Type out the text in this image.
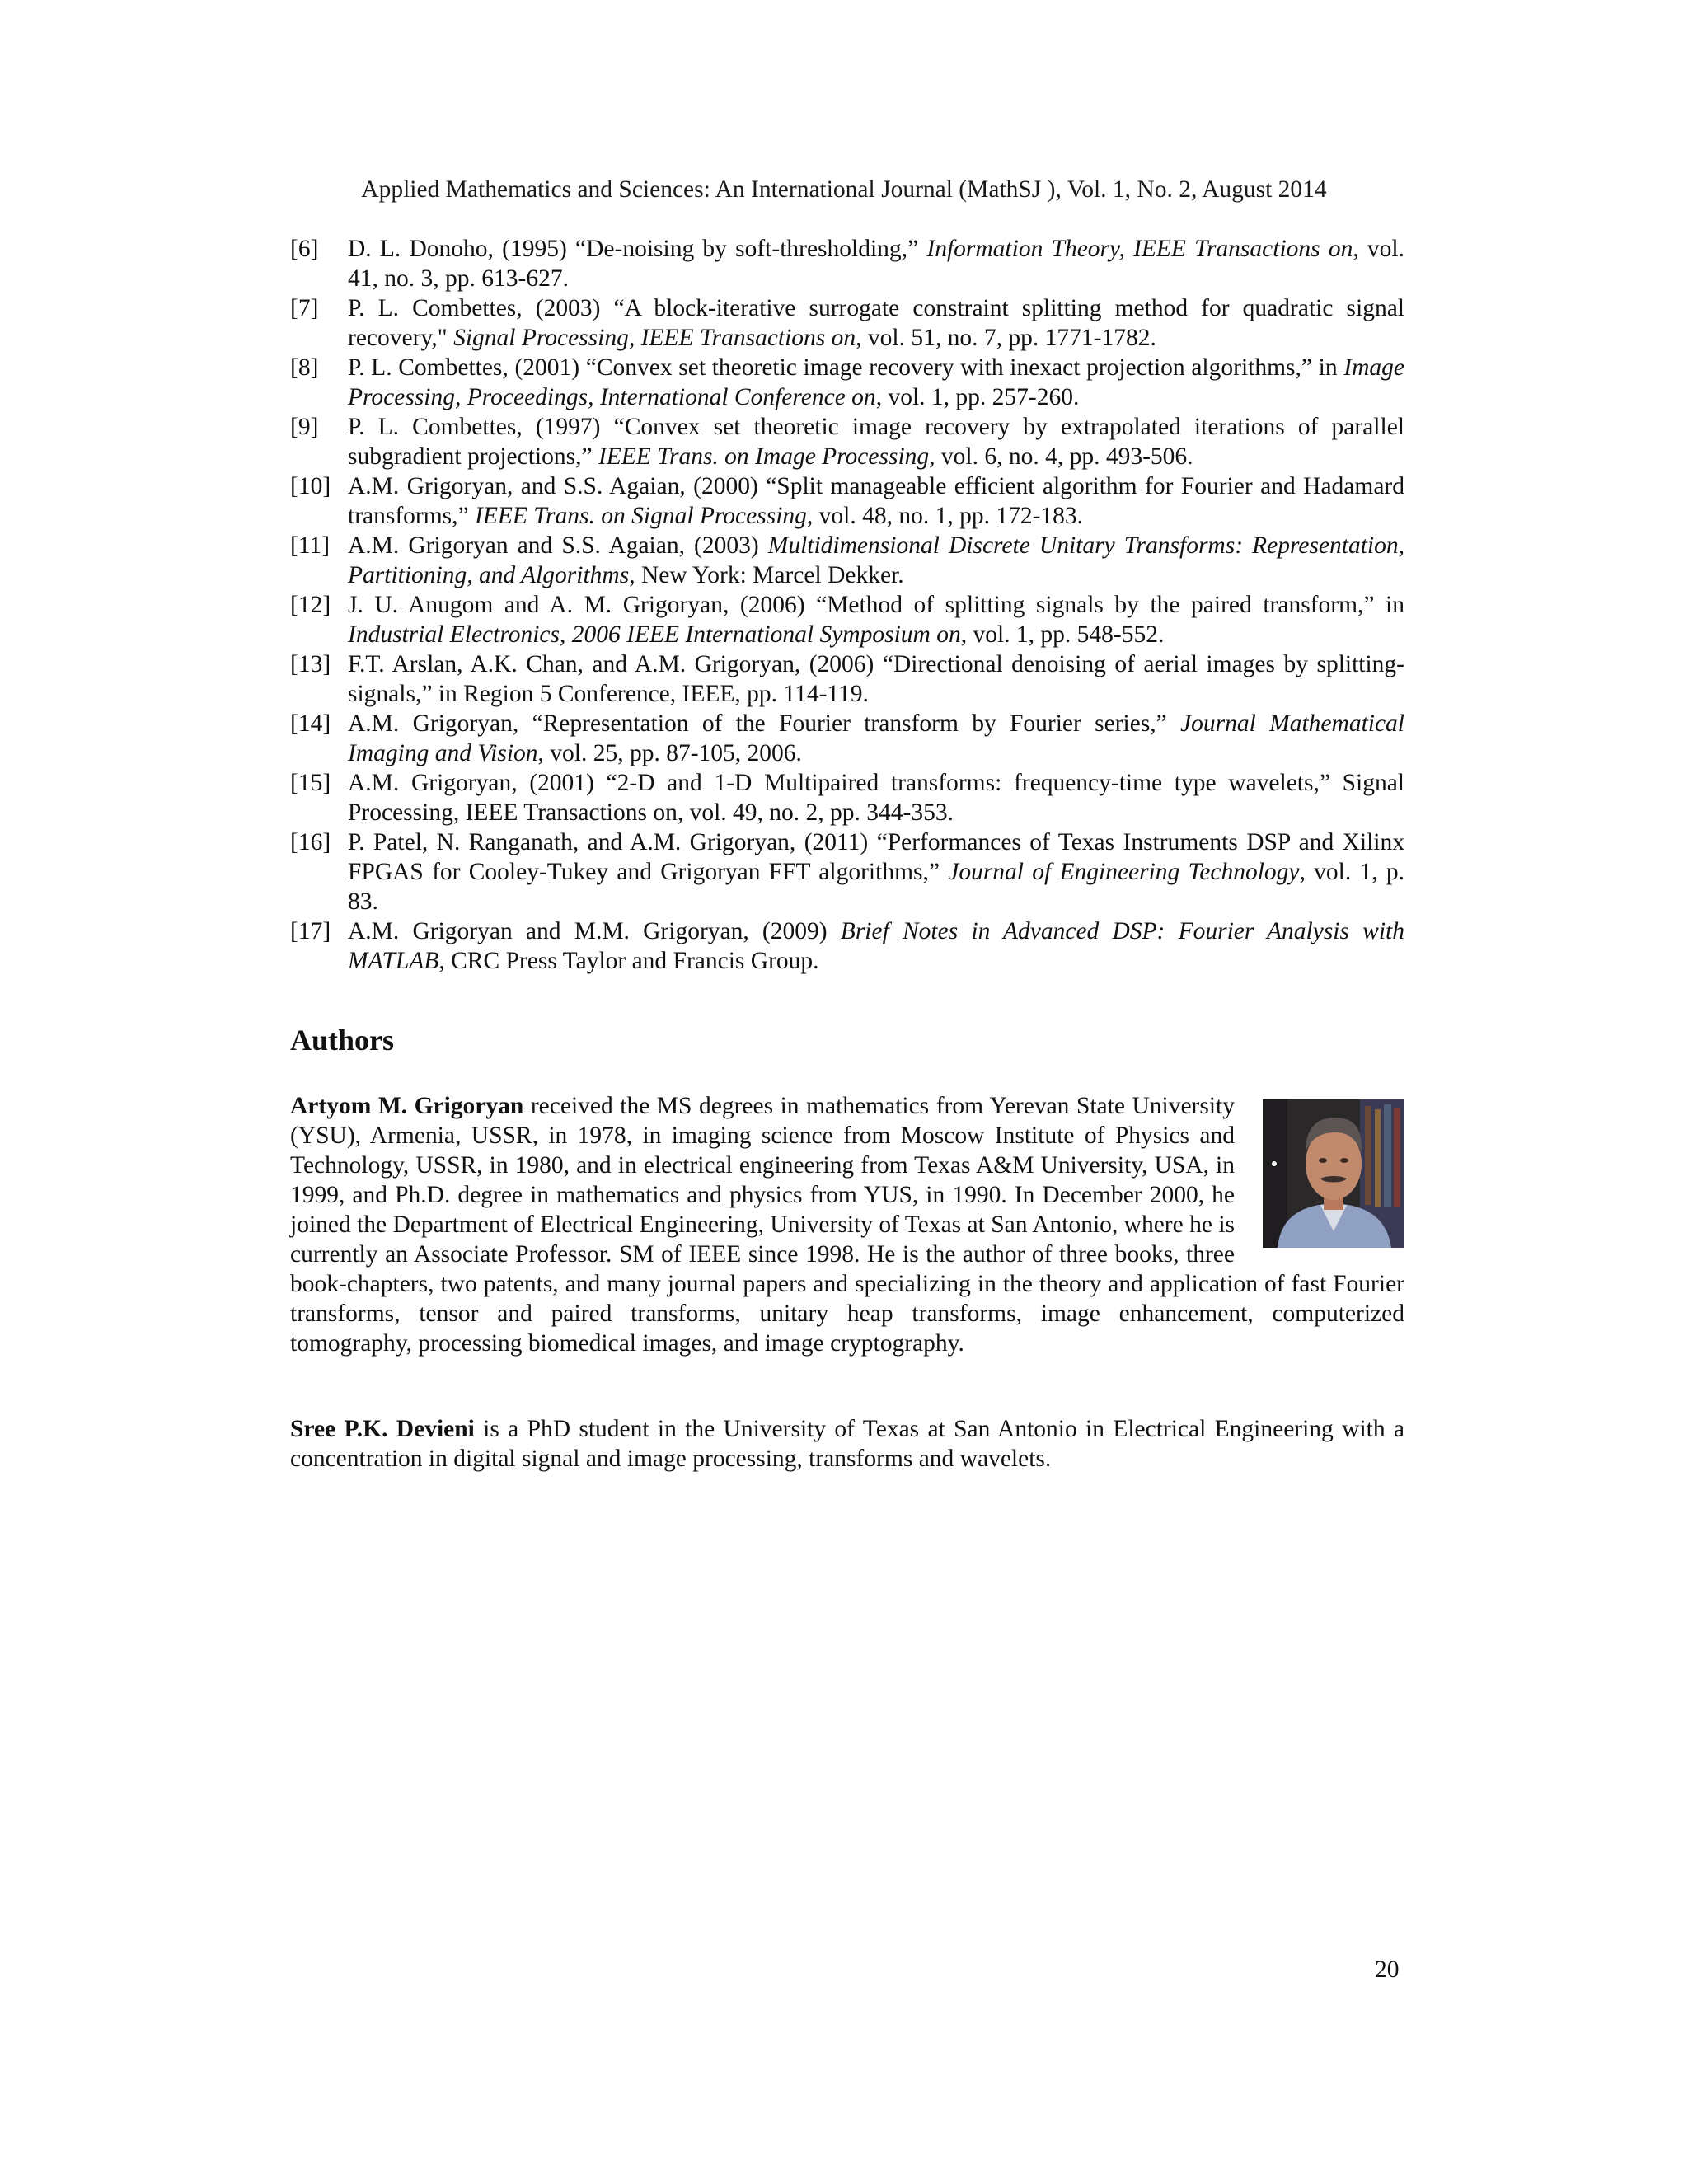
Applied Mathematics and Sciences: An International Journal (MathSJ ), Vol. 1, No. 2, August 2014
[6] D. L. Donoho, (1995) “De-noising by soft-thresholding,” Information Theory, IEEE Transactions on, vol. 41, no. 3, pp. 613-627.
[7] P. L. Combettes, (2003) “A block-iterative surrogate constraint splitting method for quadratic signal recovery," Signal Processing, IEEE Transactions on, vol. 51, no. 7, pp. 1771-1782.
[8] P. L. Combettes, (2001) “Convex set theoretic image recovery with inexact projection algorithms,” in Image Processing, Proceedings, International Conference on, vol. 1, pp. 257-260.
[9] P. L. Combettes, (1997) “Convex set theoretic image recovery by extrapolated iterations of parallel subgradient projections,” IEEE Trans. on Image Processing, vol. 6, no. 4, pp. 493-506.
[10] A.M. Grigoryan, and S.S. Agaian, (2000) “Split manageable efficient algorithm for Fourier and Hadamard transforms,” IEEE Trans. on Signal Processing, vol. 48, no. 1, pp. 172-183.
[11] A.M. Grigoryan and S.S. Agaian, (2003) Multidimensional Discrete Unitary Transforms: Representation, Partitioning, and Algorithms, New York: Marcel Dekker.
[12] J. U. Anugom and A. M. Grigoryan, (2006) “Method of splitting signals by the paired transform,” in Industrial Electronics, 2006 IEEE International Symposium on, vol. 1, pp. 548-552.
[13] F.T. Arslan, A.K. Chan, and A.M. Grigoryan, (2006) “Directional denoising of aerial images by splitting-signals,” in Region 5 Conference, IEEE, pp. 114-119.
[14] A.M. Grigoryan, “Representation of the Fourier transform by Fourier series,” Journal Mathematical Imaging and Vision, vol. 25, pp. 87-105, 2006.
[15] A.M. Grigoryan, (2001) “2-D and 1-D Multipaired transforms: frequency-time type wavelets,” Signal Processing, IEEE Transactions on, vol. 49, no. 2, pp. 344-353.
[16] P. Patel, N. Ranganath, and A.M. Grigoryan, (2011) “Performances of Texas Instruments DSP and Xilinx FPGAS for Cooley-Tukey and Grigoryan FFT algorithms,” Journal of Engineering Technology, vol. 1, p. 83.
[17] A.M. Grigoryan and M.M. Grigoryan, (2009) Brief Notes in Advanced DSP: Fourier Analysis with MATLAB, CRC Press Taylor and Francis Group.
Authors

Artyom M. Grigoryan received the MS degrees in mathematics from Yerevan State University (YSU), Armenia, USSR, in 1978, in imaging science from Moscow Institute of Physics and Technology, USSR, in 1980, and in electrical engineering from Texas A&M University, USA, in 1999, and Ph.D. degree in mathematics and physics from YUS, in 1990. In December 2000, he joined the Department of Electrical Engineering, University of Texas at San Antonio, where he is currently an Associate Professor. SM of IEEE since 1998. He is the author of three books, three book-chapters, two patents, and many journal papers and specializing in the theory and application of fast Fourier transforms, tensor and paired transforms, unitary heap transforms, image enhancement, computerized tomography, processing biomedical images, and image cryptography.

Sree P.K. Devieni is a PhD student in the University of Texas at San Antonio in Electrical Engineering with a concentration in digital signal and image processing, transforms and wavelets.

20
